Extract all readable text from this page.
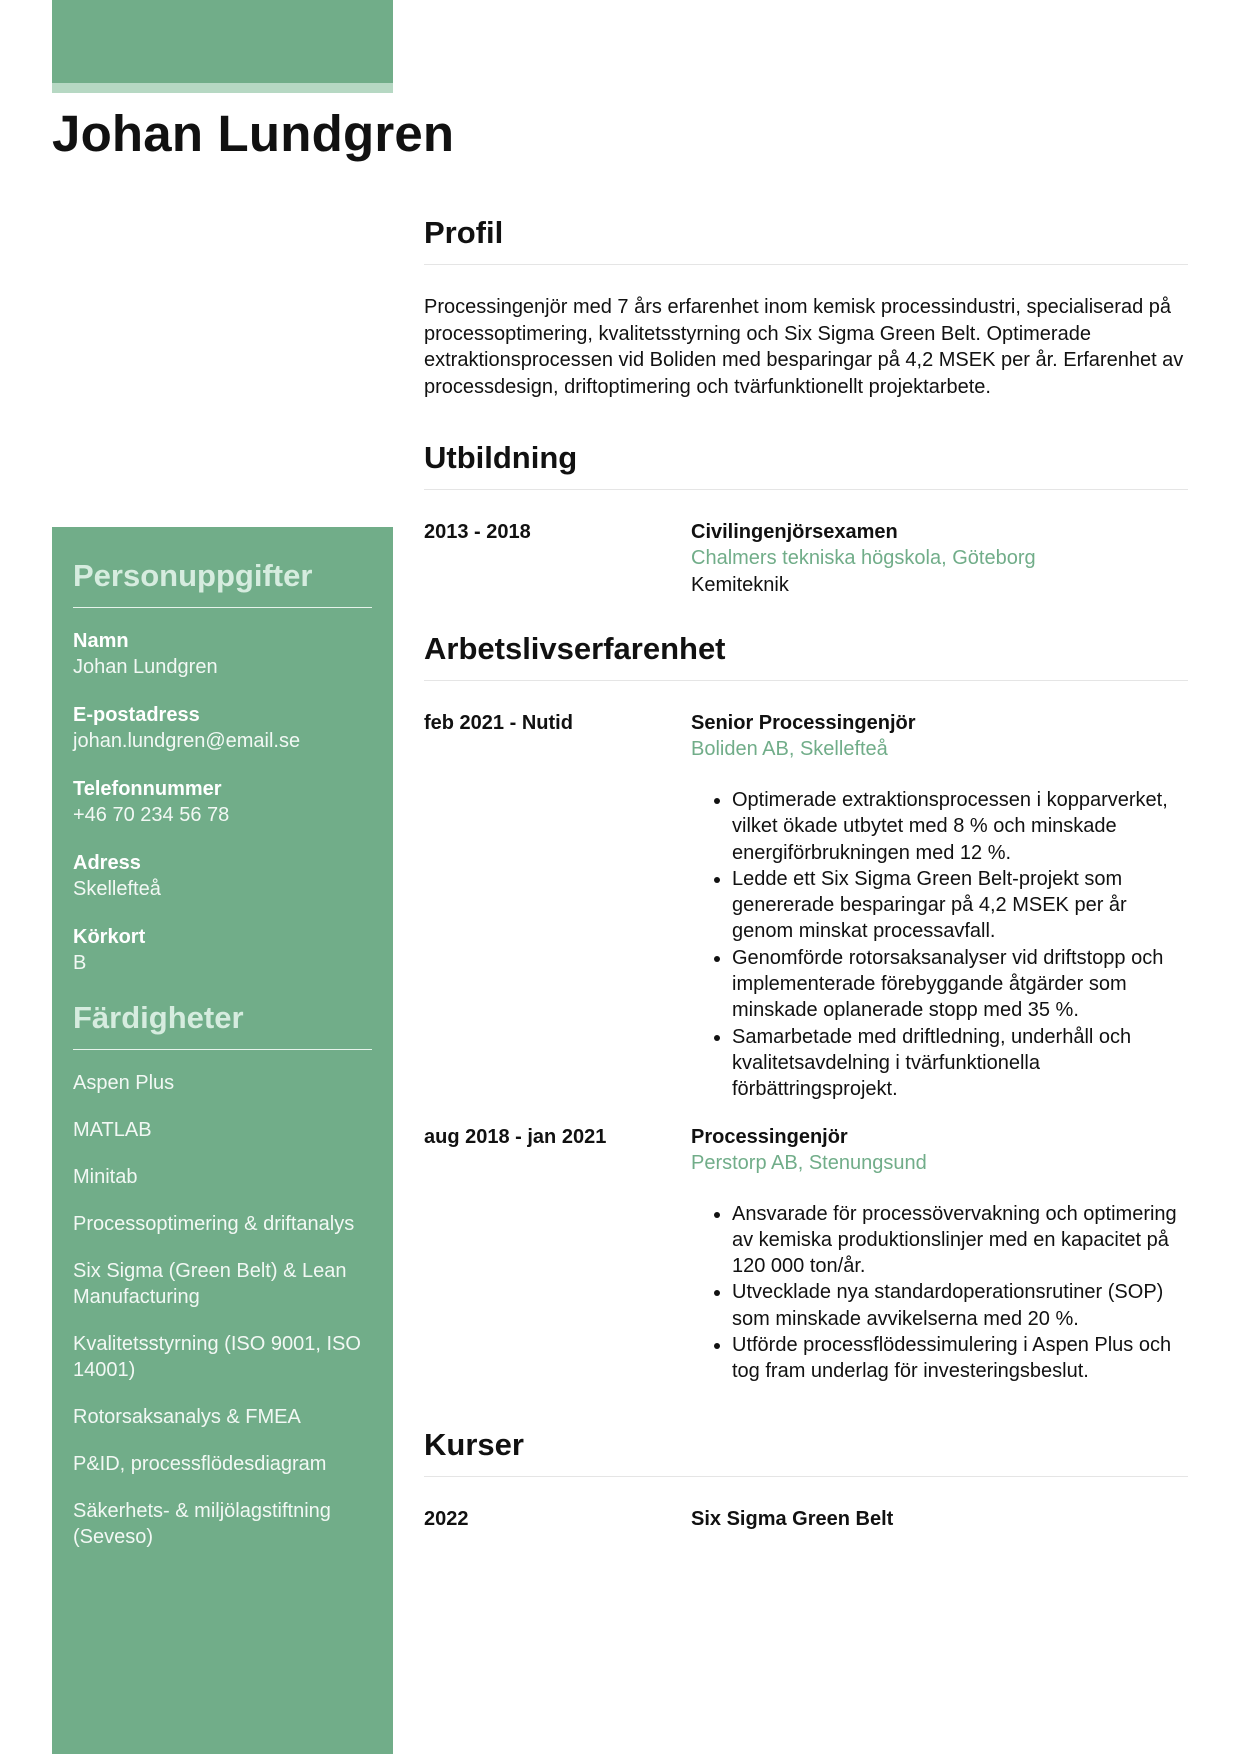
Johan Lundgren
Personuppgifter
Namn
Johan Lundgren
E-postadress
johan.lundgren@email.se
Telefonnummer
+46 70 234 56 78
Adress
Skellefteå
Körkort
B
Färdigheter
Aspen Plus
MATLAB
Minitab
Processoptimering & driftanalys
Six Sigma (Green Belt) & Lean Manufacturing
Kvalitetsstyrning (ISO 9001, ISO 14001)
Rotorsaksanalys & FMEA
P&ID, processflödesdiagram
Säkerhets- & miljölagstiftning (Seveso)
Profil
Processingenjör med 7 års erfarenhet inom kemisk processindustri, specialiserad på processoptimering, kvalitetsstyrning och Six Sigma Green Belt. Optimerade extraktionsprocessen vid Boliden med besparingar på 4,2 MSEK per år. Erfarenhet av processdesign, driftoptimering och tvärfunktionellt projektarbete.
Utbildning
2013 - 2018	Civilingenjörsexamen
Chalmers tekniska högskola, Göteborg
Kemiteknik
Arbetslivserfarenhet
feb 2021 - Nutid	Senior Processingenjör
Boliden AB, Skellefteå
• Optimerade extraktionsprocessen i kopparverket, vilket ökade utbytet med 8 % och minskade energiförbrukningen med 12 %.
• Ledde ett Six Sigma Green Belt-projekt som genererade besparingar på 4,2 MSEK per år genom minskat processavfall.
• Genomförde rotorsaksanalyser vid driftstopp och implementerade förebyggande åtgärder som minskade oplanerade stopp med 35 %.
• Samarbetade med driftledning, underhåll och kvalitetsavdelning i tvärfunktionella förbättringsprojekt.
aug 2018 - jan 2021	Processingenjör
Perstorp AB, Stenungsund
• Ansvarade för processövervakning och optimering av kemiska produktionslinjer med en kapacitet på 120 000 ton/år.
• Utvecklade nya standardoperationsrutiner (SOP) som minskade avvikelserna med 20 %.
• Utförde processflödessimulering i Aspen Plus och tog fram underlag för investeringsbeslut.
Kurser
2022	Six Sigma Green Belt
